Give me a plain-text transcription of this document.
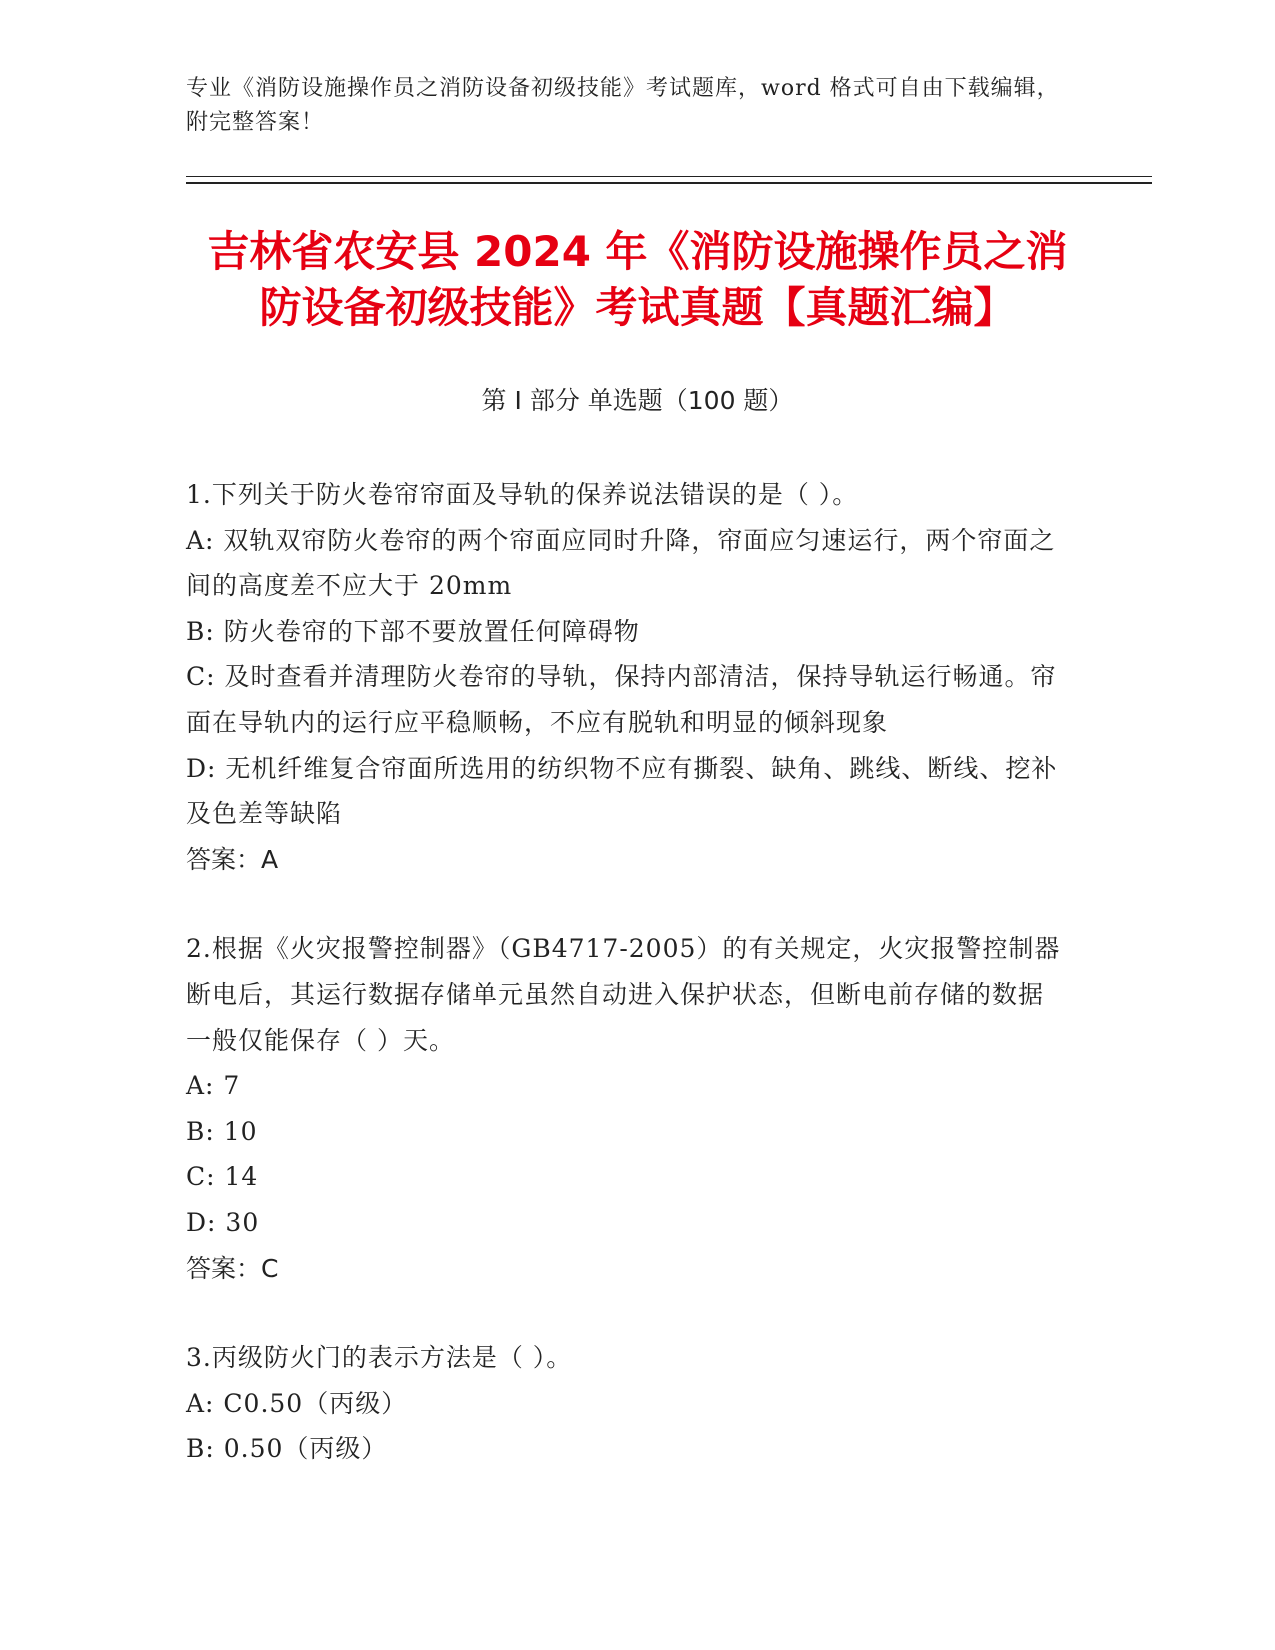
专业《消防设施操作员之消防设备初级技能》考试题库，word 格式可自由下载编辑，附完整答案！
吉林省农安县 2024 年《消防设施操作员之消
防设备初级技能》考试真题【真题汇编】
第 I 部分 单选题（100 题）

1.下列关于防火卷帘帘面及导轨的保养说法错误的是（ ）。

A: 双轨双帘防火卷帘的两个帘面应同时升降，帘面应匀速运行，两个帘面之间的高度差不应大于 20mm

B: 防火卷帘的下部不要放置任何障碍物

C: 及时查看并清理防火卷帘的导轨，保持内部清洁，保持导轨运行畅通。帘面在导轨内的运行应平稳顺畅，不应有脱轨和明显的倾斜现象

D: 无机纤维复合帘面所选用的纺织物不应有撕裂、缺角、跳线、断线、挖补及色差等缺陷

答案：A

2.根据《火灾报警控制器》（GB4717-2005）的有关规定，火灾报警控制器断电后，其运行数据存储单元虽然自动进入保护状态，但断电前存储的数据一般仅能保存（ ）天。

A: 7

B: 10

C: 14

D: 30

答案：C

3.丙级防火门的表示方法是（ ）。

A: C0.50（丙级）

B: 0.50（丙级）
